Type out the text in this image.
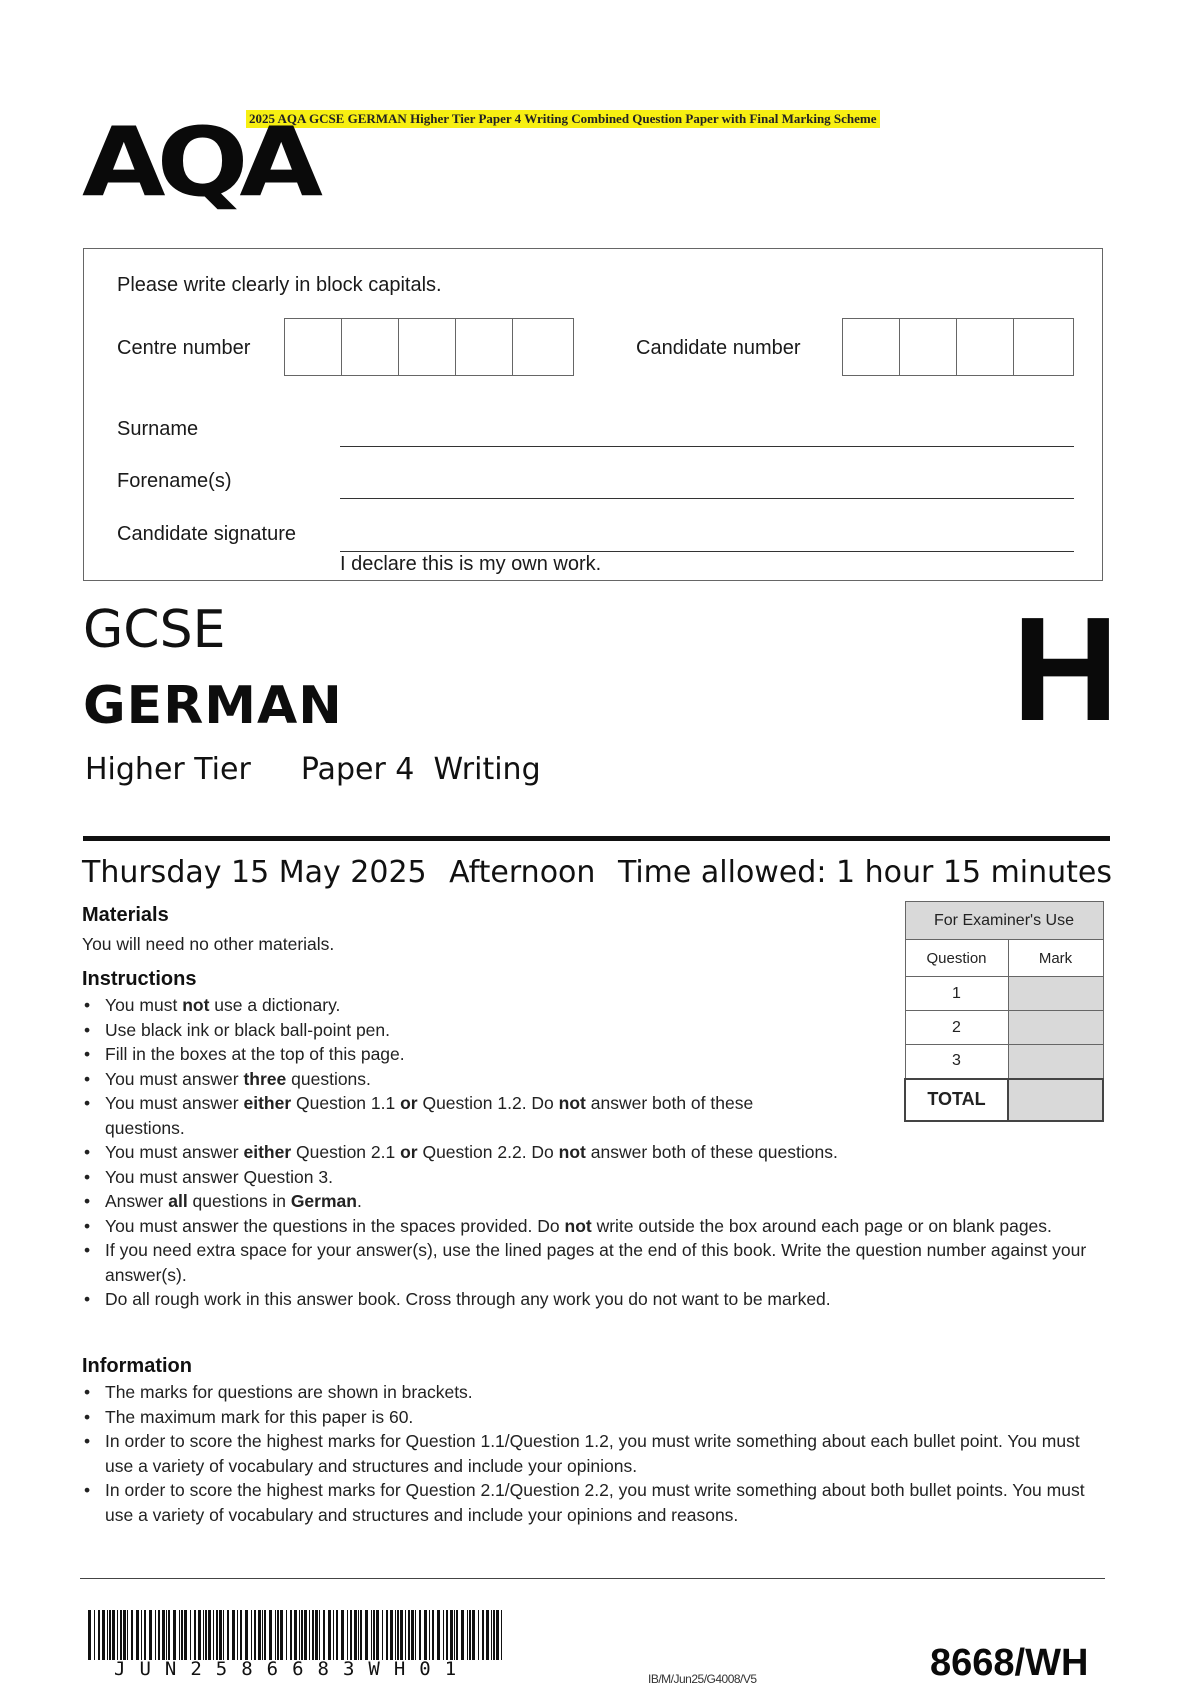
2025 AQA GCSE GERMAN Higher Tier Paper 4 Writing Combined Question Paper with Final Marking Scheme
AQA
Please write clearly in block capitals.
Centre number	Candidate number
Surname
Forename(s)
Candidate signature
I declare this is my own work.
GCSE
GERMAN	H
Higher Tier Paper 4  Writing
Thursday 15 May 2025 Afternoon Time allowed: 1 hour 15 minutes
Materials
You will need no other materials.
Instructions
• You must not use a dictionary.
• Use black ink or black ball-point pen.
• Fill in the boxes at the top of this page.
• You must answer three questions.
• You must answer either Question 1.1 or Question 1.2. Do not answer both of these questions.
• You must answer either Question 2.1 or Question 2.2. Do not answer both of these questions.
• You must answer Question 3.
• Answer all questions in German.
• You must answer the questions in the spaces provided. Do not write outside the box around each page or on blank pages.
• If you need extra space for your answer(s), use the lined pages at the end of this book. Write the question number against your answer(s).
• Do all rough work in this answer book. Cross through any work you do not want to be marked.
Information
• The marks for questions are shown in brackets.
• The maximum mark for this paper is 60.
• In order to score the highest marks for Question 1.1/Question 1.2, you must write something about each bullet point. You must use a variety of vocabulary and structures and include your opinions.
• In order to score the highest marks for Question 2.1/Question 2.2, you must write something about both bullet points. You must use a variety of vocabulary and structures and include your opinions and reasons.
For Examiner's Use	
Question	Mark
1	
2	
3	
TOTAL	
JUN2586683WH01	IB/M/Jun25/G4008/V5	8668/WH
